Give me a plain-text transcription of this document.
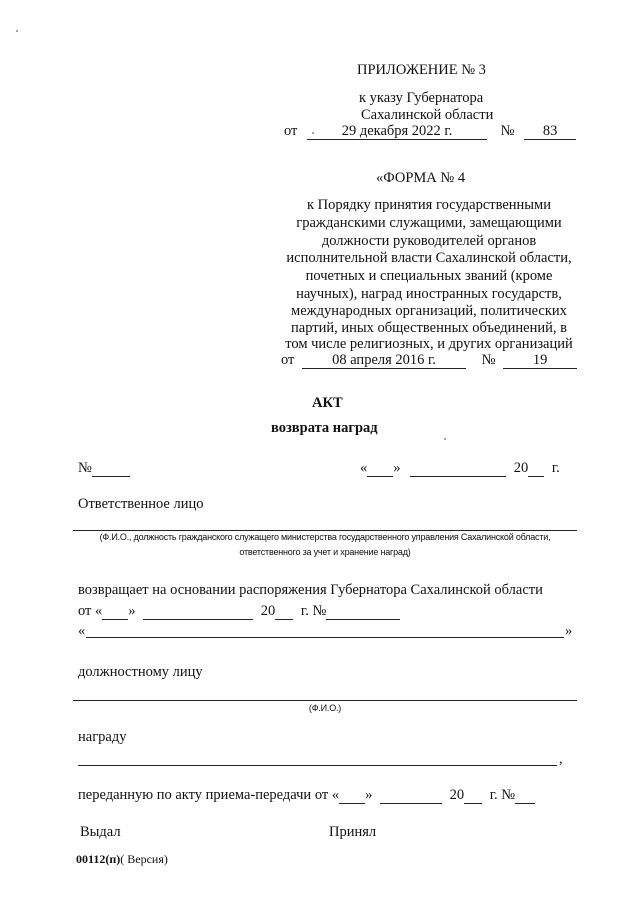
ПРИЛОЖЕНИЕ № 3
к указу Губернатора
Сахалинской области
от	29 декабря 2022 г.	№ 83
«ФОРМА № 4
к Порядку принятия государственными
гражданскими служащими, замещающими
должности руководителей органов
исполнительной власти Сахалинской области,
почетных и специальных званий (кроме
научных), наград иностранных государств,
международных организаций, политических
партий, иных общественных объединений, в
том числе религиозных, и других организаций
от	08 апреля 2016 г.	№	19
АКТ
возврата наград
№	« »	20 г.
Ответственное лицо
(Ф.И.О., должность гражданского служащего министерства государственного управления Сахалинской области,
ответственного за учет и хранение наград)
возвращает на основании распоряжения Губернатора Сахалинской области
от « »	20 г. №
«	»
должностному лицу
(Ф.И.О.)
награду
,
переданную по акту приема-передачи от « »	20 г. №
Выдал	Принял
00112(п)( Версия)
